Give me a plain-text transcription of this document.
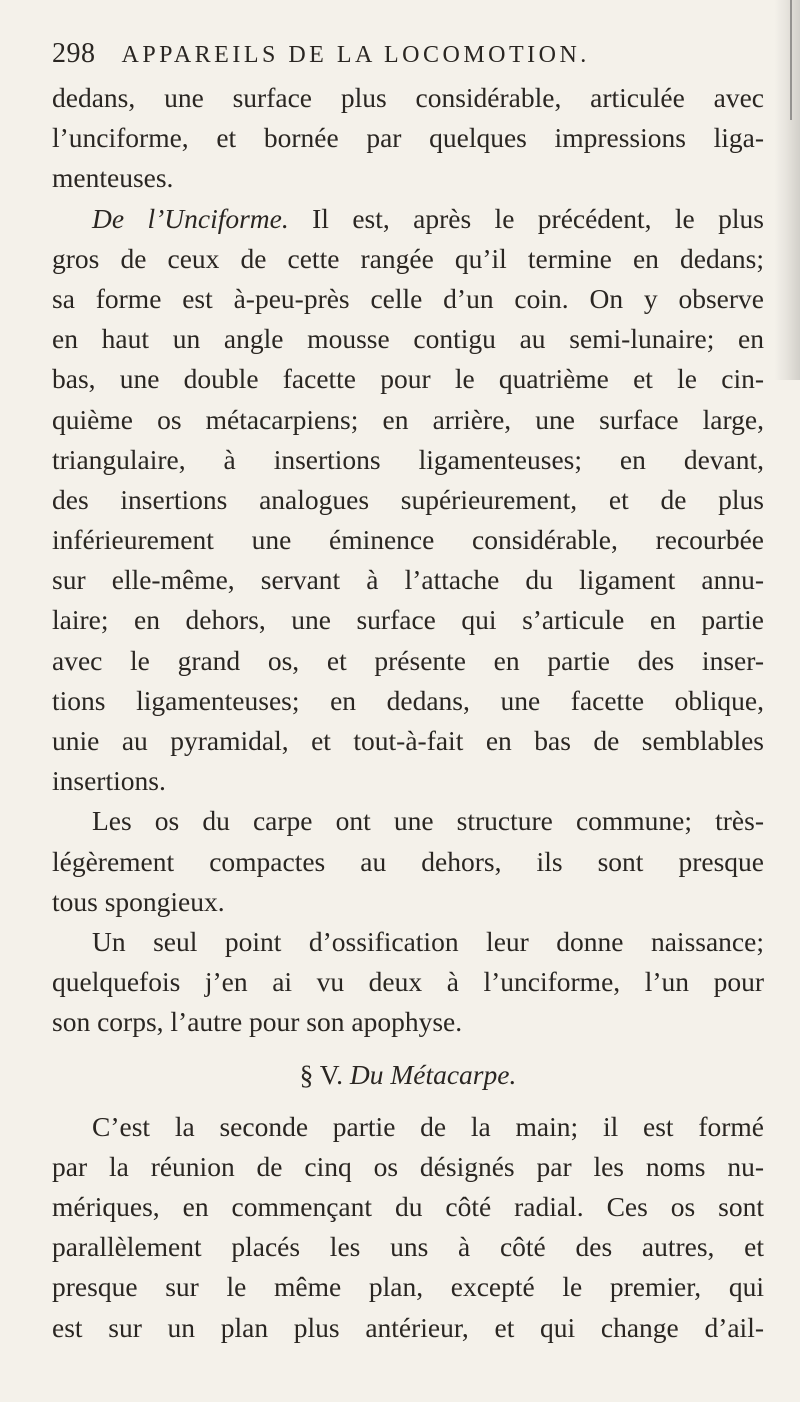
298 APPAREILS DE LA LOCOMOTION.
dedans, une surface plus considérable, articulée avec
l’unciforme, et bornée par quelques impressions liga-
menteuses.
De l’Unciforme. Il est, après le précédent, le plus
gros de ceux de cette rangée qu’il termine en dedans;
sa forme est à-peu-près celle d’un coin. On y observe
en haut un angle mousse contigu au semi-lunaire; en
bas, une double facette pour le quatrième et le cin-
quième os métacarpiens; en arrière, une surface large,
triangulaire, à insertions ligamenteuses; en devant,
des insertions analogues supérieurement, et de plus
inférieurement une éminence considérable, recourbée
sur elle-même, servant à l’attache du ligament annu-
laire; en dehors, une surface qui s’articule en partie
avec le grand os, et présente en partie des inser-
tions ligamenteuses; en dedans, une facette oblique,
unie au pyramidal, et tout-à-fait en bas de semblables
insertions.
Les os du carpe ont une structure commune; très-
légèrement compactes au dehors, ils sont presque
tous spongieux.
Un seul point d’ossification leur donne naissance;
quelquefois j’en ai vu deux à l’unciforme, l’un pour
son corps, l’autre pour son apophyse.
§ V. Du Métacarpe.
C’est la seconde partie de la main; il est formé
par la réunion de cinq os désignés par les noms nu-
mériques, en commençant du côté radial. Ces os sont
parallèlement placés les uns à côté des autres, et
presque sur le même plan, excepté le premier, qui
est sur un plan plus antérieur, et qui change d’ail-
